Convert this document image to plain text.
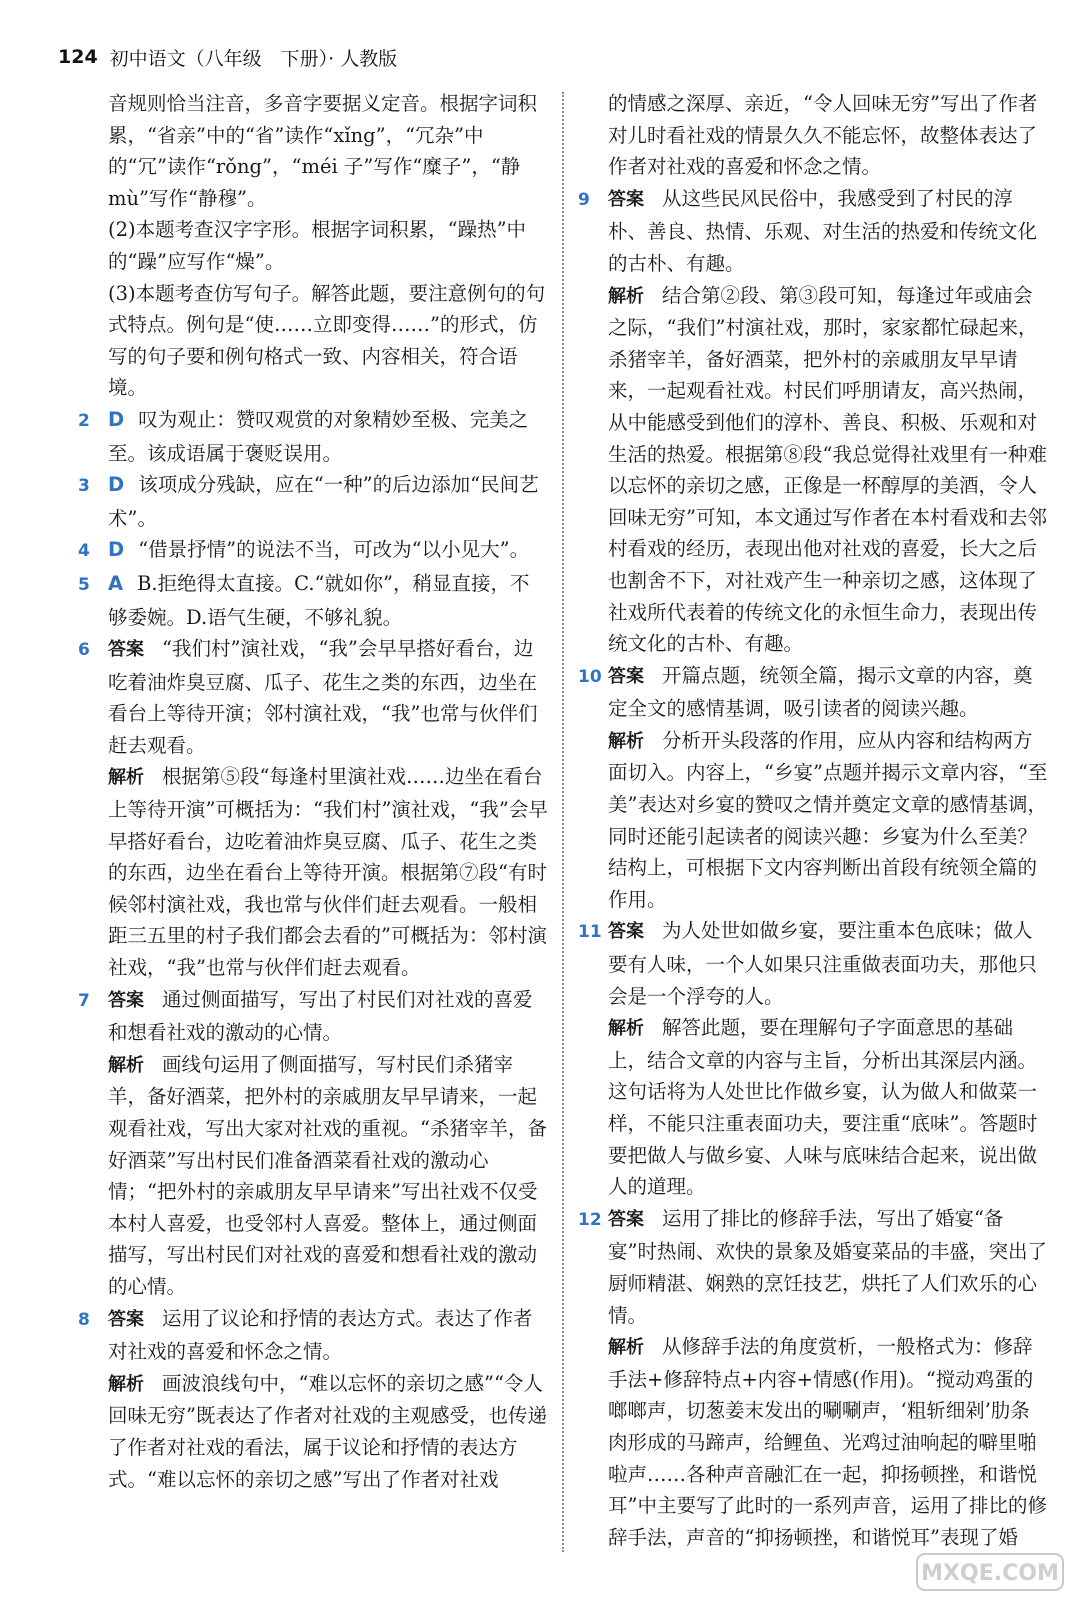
124 初中语文（八年级　下册）· 人教版

音规则恰当注音，多音字要据义定音。根据字词积累，“省亲”中的“省”读作“xǐng”，“冗杂”中的“冗”读作“rǒng”，“méi 子”写作“糜子”，“静 mù”写作“静穆”。

(2)本题考查汉字字形。根据字词积累，“躁热”中的“躁”应写作“燥”。

(3)本题考查仿写句子。解答此题，要注意例句的句式特点。例句是“使……立即变得……”的形式，仿写的句子要和例句格式一致、内容相关，符合语境。

2 D 叹为观止：赞叹观赏的对象精妙至极、完美之至。该成语属于褒贬误用。

3 D 该项成分残缺，应在“一种”的后边添加“民间艺术”。

4 D “借景抒情”的说法不当，可改为“以小见大”。

5 A B.拒绝得太直接。C.“就如你”，稍显直接，不够委婉。D.语气生硬，不够礼貌。

6 答案 “我们村”演社戏，“我”会早早搭好看台，边吃着油炸臭豆腐、瓜子、花生之类的东西，边坐在看台上等待开演；邻村演社戏，“我”也常与伙伴们赶去观看。

解析 根据第⑤段“每逢村里演社戏……边坐在看台上等待开演”可概括为：“我们村”演社戏，“我”会早早搭好看台，边吃着油炸臭豆腐、瓜子、花生之类的东西，边坐在看台上等待开演。根据第⑦段“有时候邻村演社戏，我也常与伙伴们赶去观看。一般相距三五里的村子我们都会去看的”可概括为：邻村演社戏，“我”也常与伙伴们赶去观看。

7 答案 通过侧面描写，写出了村民们对社戏的喜爱和想看社戏的激动的心情。

解析 画线句运用了侧面描写，写村民们杀猪宰羊，备好酒菜，把外村的亲戚朋友早早请来，一起观看社戏，写出大家对社戏的重视。“杀猪宰羊，备好酒菜”写出村民们准备酒菜看社戏的激动心情；“把外村的亲戚朋友早早请来”写出社戏不仅受本村人喜爱，也受邻村人喜爱。整体上，通过侧面描写，写出村民们对社戏的喜爱和想看社戏的激动的心情。

8 答案 运用了议论和抒情的表达方式。表达了作者对社戏的喜爱和怀念之情。

解析 画波浪线句中，“难以忘怀的亲切之感”“令人回味无穷”既表达了作者对社戏的主观感受，也传递了作者对社戏的看法，属于议论和抒情的表达方式。“难以忘怀的亲切之感”写出了作者对社戏

的情感之深厚、亲近，“令人回味无穷”写出了作者对儿时看社戏的情景久久不能忘怀，故整体表达了作者对社戏的喜爱和怀念之情。

9 答案 从这些民风民俗中，我感受到了村民的淳朴、善良、热情、乐观、对生活的热爱和传统文化的古朴、有趣。

解析 结合第②段、第③段可知，每逢过年或庙会之际，“我们”村演社戏，那时，家家都忙碌起来，杀猪宰羊，备好酒菜，把外村的亲戚朋友早早请来，一起观看社戏。村民们呼朋请友，高兴热闹，从中能感受到他们的淳朴、善良、积极、乐观和对生活的热爱。根据第⑧段“我总觉得社戏里有一种难以忘怀的亲切之感，正像是一杯醇厚的美酒，令人回味无穷”可知，本文通过写作者在本村看戏和去邻村看戏的经历，表现出他对社戏的喜爱，长大之后也割舍不下，对社戏产生一种亲切之感，这体现了社戏所代表着的传统文化的永恒生命力，表现出传统文化的古朴、有趣。

10 答案 开篇点题，统领全篇，揭示文章的内容，奠定全文的感情基调，吸引读者的阅读兴趣。

解析 分析开头段落的作用，应从内容和结构两方面切入。内容上，“乡宴”点题并揭示文章内容，“至美”表达对乡宴的赞叹之情并奠定文章的感情基调，同时还能引起读者的阅读兴趣：乡宴为什么至美？结构上，可根据下文内容判断出首段有统领全篇的作用。

11 答案 为人处世如做乡宴，要注重本色底味；做人要有人味，一个人如果只注重做表面功夫，那他只会是一个浮夸的人。

解析 解答此题，要在理解句子字面意思的基础上，结合文章的内容与主旨，分析出其深层内涵。这句话将为人处世比作做乡宴，认为做人和做菜一样，不能只注重表面功夫，要注重“底味”。答题时要把做人与做乡宴、人味与底味结合起来，说出做人的道理。

12 答案 运用了排比的修辞手法，写出了婚宴“备宴”时热闹、欢快的景象及婚宴菜品的丰盛，突出了厨师精湛、娴熟的烹饪技艺，烘托了人们欢乐的心情。

解析 从修辞手法的角度赏析，一般格式为：修辞手法+修辞特点+内容+情感(作用)。“搅动鸡蛋的啷啷声，切葱姜末发出的唰唰声，‘粗斩细剁’肋条肉形成的马蹄声，给鲤鱼、光鸡过油响起的噼里啪啦声……各种声音融汇在一起，抑扬顿挫，和谐悦耳”中主要写了此时的一系列声音，运用了排比的修辞手法，声音的“抑扬顿挫，和谐悦耳”表现了婚

MXQE.COM
